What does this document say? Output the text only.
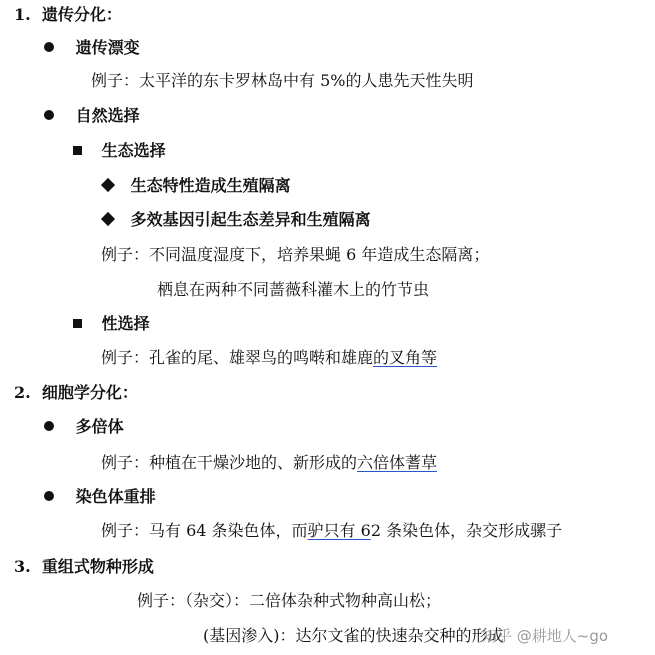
1. 遗传分化：
遗传漂变
例子：太平洋的东卡罗林岛中有 5%的人患先天性失明
自然选择
生态选择
生态特性造成生殖隔离
多效基因引起生态差异和生殖隔离
例子：不同温度湿度下，培养果蝇 6 年造成生态隔离；
栖息在两种不同蔷薇科灌木上的竹节虫
性选择
例子：孔雀的尾、雄翠鸟的鸣啭和雄鹿的叉角等
2. 细胞学分化：
多倍体
例子：种植在干燥沙地的、新形成的六倍体蓍草
染色体重排
例子：马有 64 条染色体，而驴只有 62 条染色体，杂交形成骡子
3. 重组式物种形成
例子：（杂交）：二倍体杂种式物种高山松；
(基因渗入)：达尔文雀的快速杂交种的形成
知乎 @耕地人~go
